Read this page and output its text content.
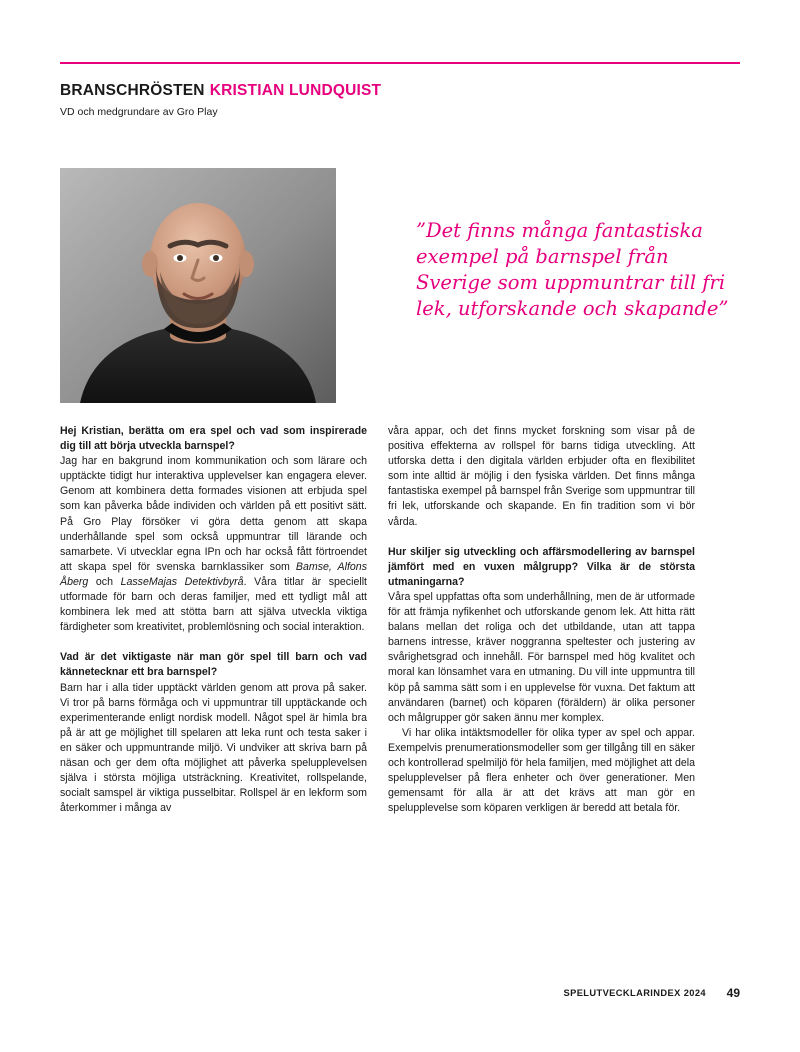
BRANSCHRÖSTEN KRISTIAN LUNDQUIST
VD och medgrundare av Gro Play
”Det finns många fantastiska exempel på barnspel från Sverige som uppmuntrar till fri lek, utforskande och skapande”

Hej Kristian, berätta om era spel och vad som inspirerade dig till att börja utveckla barnspel?

Jag har en bakgrund inom kommunikation och som lärare och upptäckte tidigt hur interaktiva upplevelser kan engagera elever. Genom att kombinera detta formades visionen att erbjuda spel som kan påverka både individen och världen på ett positivt sätt. På Gro Play försöker vi göra detta genom att skapa underhållande spel som också uppmuntrar till lärande och samarbete. Vi utvecklar egna IPn och har också fått förtroendet att skapa spel för svenska barnklassiker som Bamse, Alfons Åberg och LasseMajas Detektivbyrå. Våra titlar är speciellt utformade för barn och deras familjer, med ett tydligt mål att kombinera lek med att stötta barn att själva utveckla viktiga färdigheter som kreativitet, problemlösning och social interaktion.

Vad är det viktigaste när man gör spel till barn och vad kännetecknar ett bra barnspel?

Barn har i alla tider upptäckt världen genom att prova på saker. Vi tror på barns förmåga och vi uppmuntrar till upptäckande och experimenterande enligt nordisk modell. Något spel är himla bra på är att ge möjlighet till spelaren att leka runt och testa saker i en säker och uppmuntrande miljö. Vi undviker att skriva barn på näsan och ger dem ofta möjlighet att påverka spelupplevelsen själva i största möjliga utsträckning. Kreativitet, rollspelande, socialt samspel är viktiga pusselbitar. Rollspel är en lekform som återkommer i många av

våra appar, och det finns mycket forskning som visar på de positiva effekterna av rollspel för barns tidiga utveckling. Att utforska detta i den digitala världen erbjuder ofta en flexibilitet som inte alltid är möjlig i den fysiska världen. Det finns många fantastiska exempel på barnspel från Sverige som uppmuntrar till fri lek, utforskande och skapande. En fin tradition som vi bör vårda.

Hur skiljer sig utveckling och affärsmodellering av barnspel jämfört med en vuxen målgrupp? Vilka är de största utmaningarna?

Våra spel uppfattas ofta som underhållning, men de är utformade för att främja nyfikenhet och utforskande genom lek. Att hitta rätt balans mellan det roliga och det utbildande, utan att tappa barnens intresse, kräver noggranna speltester och justering av svårighetsgrad och innehåll. För barnspel med hög kvalitet och moral kan lönsamhet vara en utmaning. Du vill inte uppmuntra till köp på samma sätt som i en upplevelse för vuxna. Det faktum att användaren (barnet) och köparen (föräldern) är olika personer och målgrupper gör saken ännu mer komplex.

Vi har olika intäktsmodeller för olika typer av spel och appar. Exempelvis prenumerationsmodeller som ger tillgång till en säker och kontrollerad spelmiljö för hela familjen, med möjlighet att dela spelupplevelser på flera enheter och över generationer. Men gemensamt för alla är att det krävs att man gör en spelupplevelse som köparen verkligen är beredd att betala för.

SPELUTVECKLARINDEX 2024 49
